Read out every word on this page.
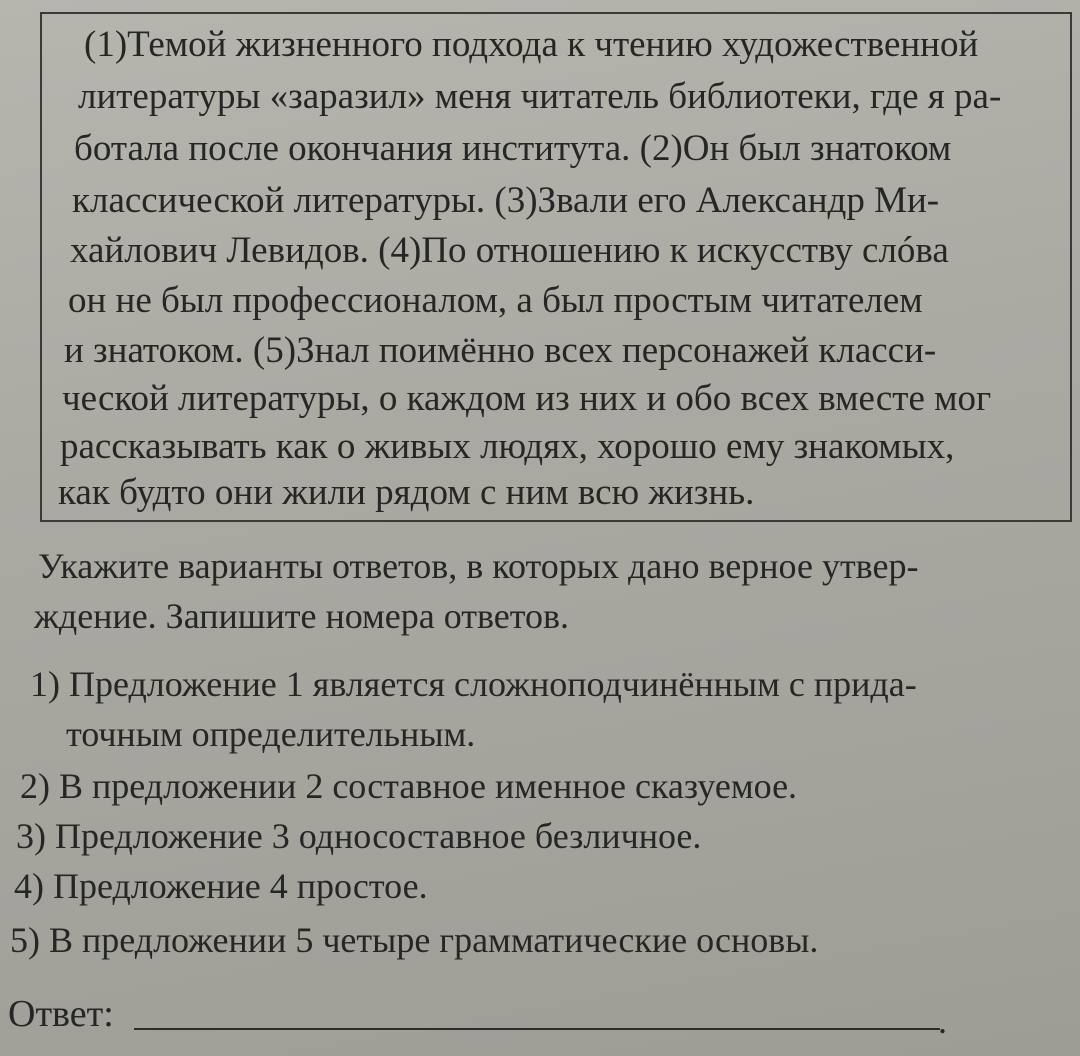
(1)Темой жизненного подхода к чтению художественной
литературы «заразил» меня читатель библиотеки, где я ра-
ботала после окончания института. (2)Он был знатоком
классической литературы. (3)Звали его Александр Ми-
хайлович Левидов. (4)По отношению к искусству слóва
он не был профессионалом, а был простым читателем
и знатоком. (5)Знал поимённо всех персонажей класси-
ческой литературы, о каждом из них и обо всех вместе мог
рассказывать как о живых людях, хорошо ему знакомых,
как будто они жили рядом с ним всю жизнь.
Укажите варианты ответов, в которых дано верное утвер-
ждение. Запишите номера ответов.
1) Предложение 1 является сложноподчинённым с прида-
точным определительным.
2) В предложении 2 составное именное сказуемое.
3) Предложение 3 односоставное безличное.
4) Предложение 4 простое.
5) В предложении 5 четыре грамматические основы.
Ответ:	.
